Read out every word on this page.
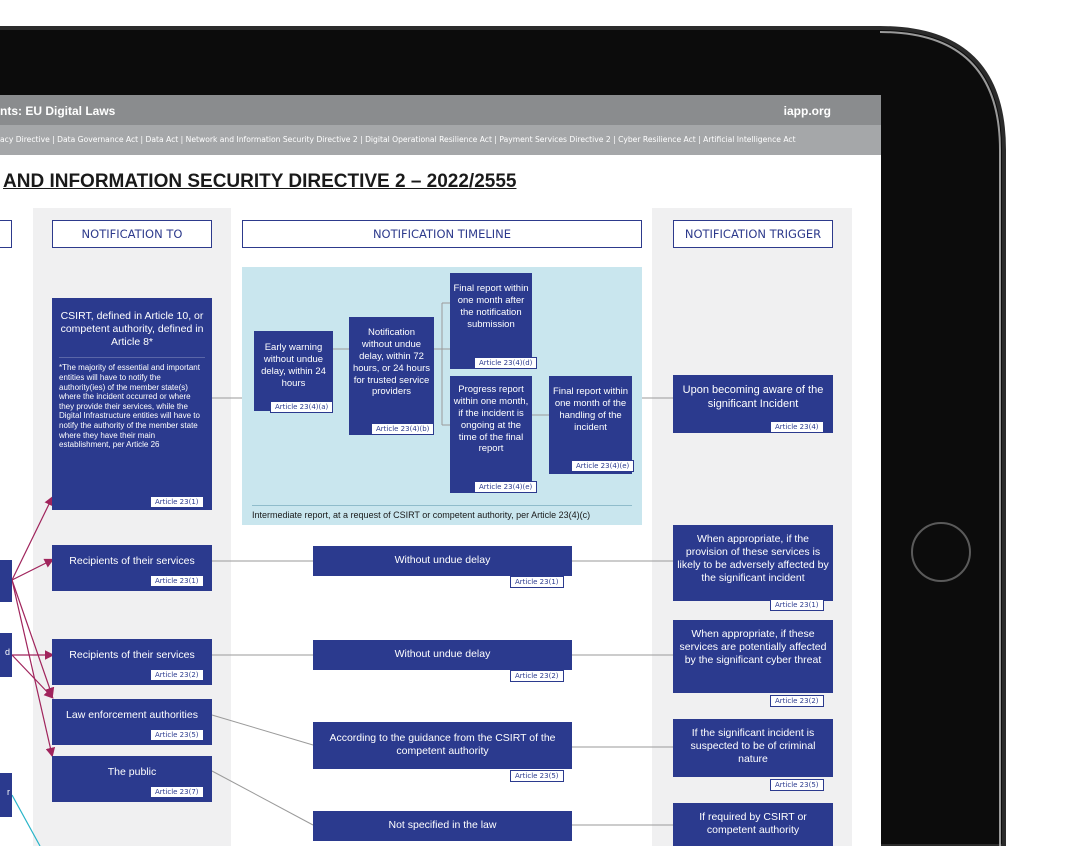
nts: EU Digital Laws	iapp.org
acy Directive | Data Governance Act | Data Act | Network and Information Security Directive 2 | Digital Operational Resilience Act | Payment Services Directive 2 | Cyber Resilience Act | Artificial Intelligence Act
AND INFORMATION SECURITY DIRECTIVE 2 – 2022/2555
NOTIFICATION TO	NOTIFICATION TIMELINE	NOTIFICATION TRIGGER
d
r
CSIRT, defined in Article 10, or competent authority, defined in Article 8*
*The majority of essential and important entities will have to notify the authority(ies) of the member state(s) where the incident occurred or where they provide their services, while the Digital Infrastructure entities will have to notify the authority of the member state where they have their main establishment, per Article 26
Article 23(1)
Recipients of their services
Article 23(1)
Recipients of their services
Article 23(2)
Law enforcement authorities
Article 23(5)
The public
Article 23(7)
Early warning without undue delay, within 24 hours
Article 23(4)(a)
Notification without undue delay, within 72 hours, or 24 hours for trusted service providers
Article 23(4)(b)
Final report within one month after the notification submission
Article 23(4)(d)
Progress report within one month, if the incident is ongoing at the time of the final report
Article 23(4)(e)
Final report within one month of the handling of the incident
Article 23(4)(e)
Intermediate report, at a request of CSIRT or competent authority, per Article 23(4)(c)
Without undue delay
Article 23(1)
Without undue delay
Article 23(2)
According to the guidance from the CSIRT of the competent authority
Article 23(5)
Not specified in the law
Upon becoming aware of the significant Incident
Article 23(4)
When appropriate, if the provision of these services is likely to be adversely affected by the significant incident
Article 23(1)
When appropriate, if these services are potentially affected by the significant cyber threat
Article 23(2)
If the significant incident is suspected to be of criminal nature
Article 23(5)
If required by CSIRT or competent authority
